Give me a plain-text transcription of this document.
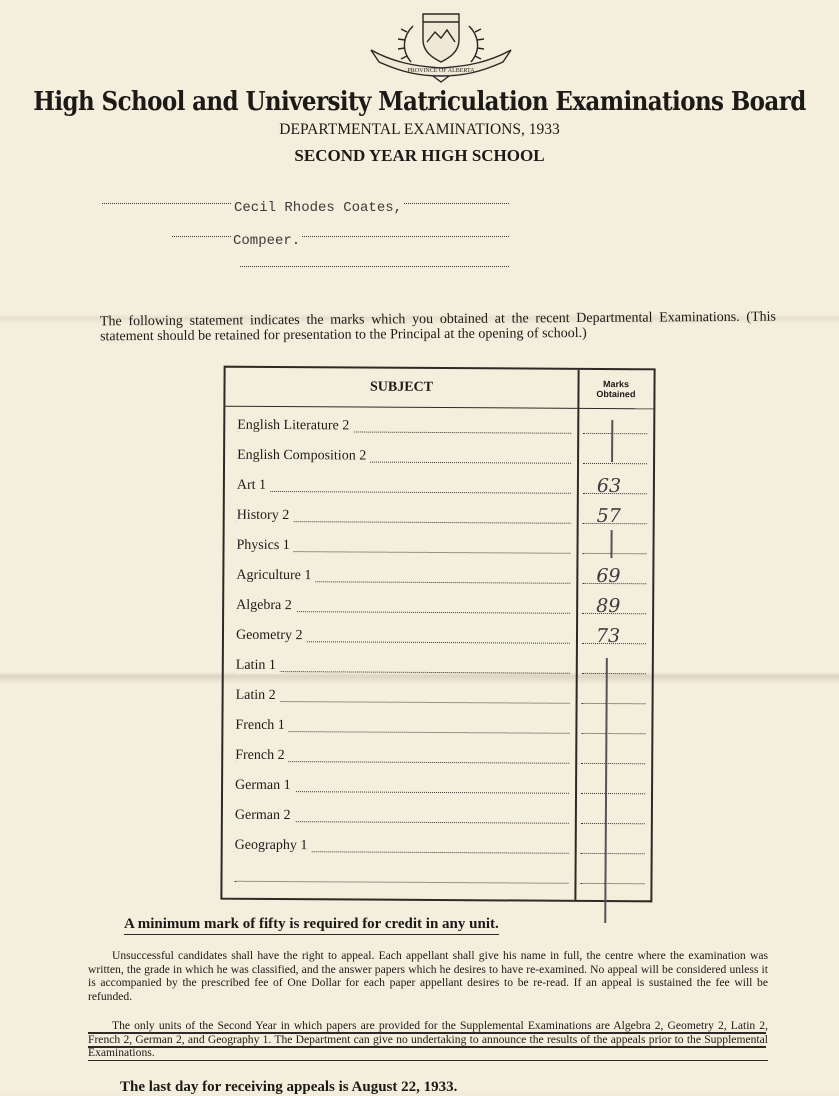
PROVINCE OF ALBERTA
High School and University Matriculation Examinations Board
DEPARTMENTAL EXAMINATIONS, 1933
SECOND YEAR HIGH SCHOOL
Cecil Rhodes Coates,
Compeer.
The following statement indicates the marks which you obtained at the recent Departmental Examinations. (This statement should be retained for presentation to the Principal at the opening of school.)
SUBJECT	Marks
Obtained
English Literature 2
English Composition 2
Art 1	63
History 2	57
Physics 1
Agriculture 1	69
Algebra 2	89
Geometry 2	73
Latin 1
Latin 2
French 1
French 2
German 1
German 2
Geography 1
A minimum mark of fifty is required for credit in any unit.
Unsuccessful candidates shall have the right to appeal. Each appellant shall give his name in full, the centre where the examination was written, the grade in which he was classified, and the answer papers which he desires to have re-examined. No appeal will be considered unless it is accompanied by the prescribed fee of One Dollar for each paper appellant desires to be re-read. If an appeal is sustained the fee will be refunded.
The only units of the Second Year in which papers are provided for the Supplemental Examinations are Algebra 2, Geometry 2, Latin 2, French 2, German 2, and Geography 1. The Department can give no undertaking to announce the results of the appeals prior to the Supplemental Examinations.
The last day for receiving appeals is August 22, 1933.
